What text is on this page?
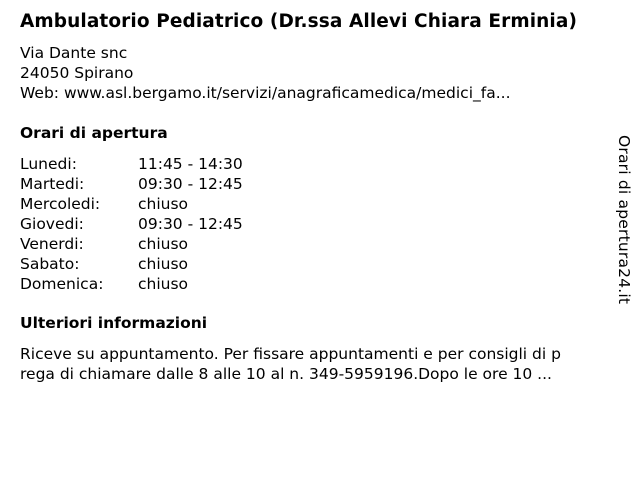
Ambulatorio Pediatrico (Dr.ssa Allevi Chiara Erminia)
Via Dante snc
24050 Spirano
Web: www.asl.bergamo.it/servizi/anagraficamedica/medici_fa...
Orari di apertura
Lunedi:	11:45 - 14:30
Martedi:	09:30 - 12:45
Mercoledi: chiuso
Giovedi:	09:30 - 12:45
Venerdi:	chiuso
Sabato:	chiuso
Domenica: chiuso
Ulteriori informazioni
Riceve su appuntamento. Per fissare appuntamenti e per consigli di p
rega di chiamare dalle 8 alle 10 al n. 349-5959196.Dopo le ore 10 ...
Orari di apertura24.it
